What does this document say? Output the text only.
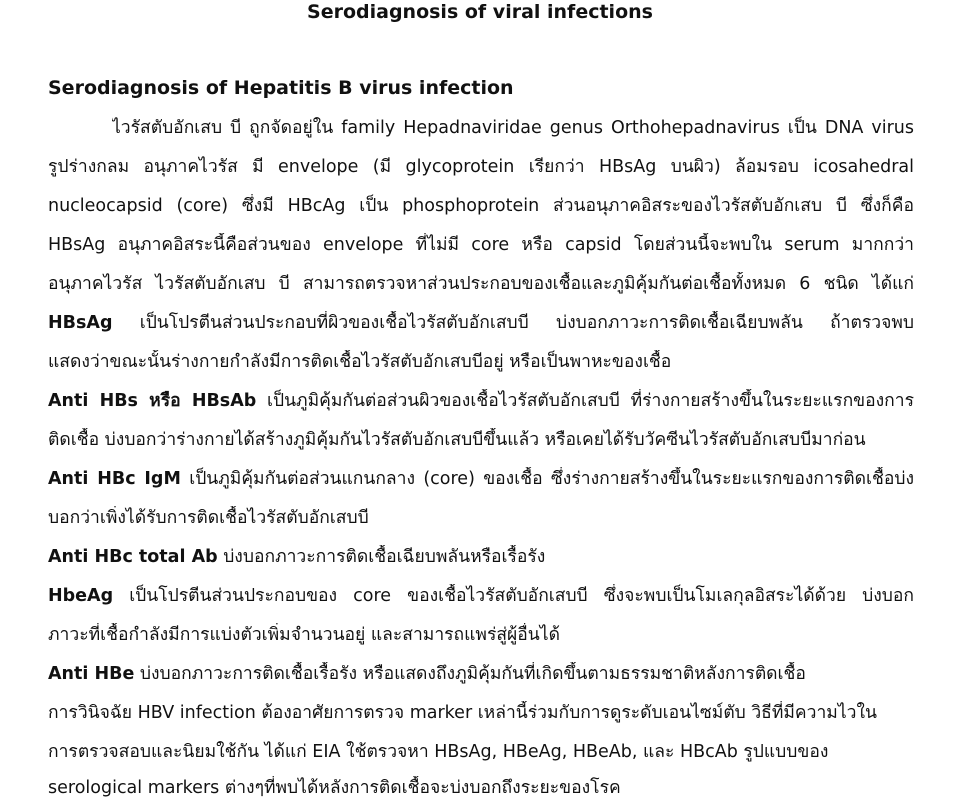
Serodiagnosis of viral infections
Serodiagnosis of Hepatitis B virus infection
ไวรัสตับอักเสบ บี ถูกจัดอยู่ใน family Hepadnaviridae genus Orthohepadnavirus เป็น DNA virus
รูปร่างกลม อนุภาคไวรัส มี envelope (มี glycoprotein เรียกว่า HBsAg บนผิว) ล้อมรอบ icosahedral
nucleocapsid (core) ซึ่งมี HBcAg เป็น phosphoprotein ส่วนอนุภาคอิสระของไวรัสตับอักเสบ บี ซึ่งก็คือ
HBsAg อนุภาคอิสระนี้คือส่วนของ envelope ที่ไม่มี core หรือ capsid โดยส่วนนี้จะพบใน serum มากกว่า
อนุภาคไวรัส ไวรัสตับอักเสบ บี สามารถตรวจหาส่วนประกอบของเชื้อและภูมิคุ้มกันต่อเชื้อทั้งหมด 6 ชนิด ได้แก่
HBsAg เป็นโปรตีนส่วนประกอบที่ผิวของเชื้อไวรัสตับอักเสบบี บ่งบอกภาวะการติดเชื้อเฉียบพลัน ถ้าตรวจพบ
แสดงว่าขณะนั้นร่างกายกำลังมีการติดเชื้อไวรัสตับอักเสบบีอยู่ หรือเป็นพาหะของเชื้อ
Anti HBs หรือ HBsAb เป็นภูมิคุ้มกันต่อส่วนผิวของเชื้อไวรัสตับอักเสบบี ที่ร่างกายสร้างขึ้นในระยะแรกของการ
ติดเชื้อ บ่งบอกว่าร่างกายได้สร้างภูมิคุ้มกันไวรัสตับอักเสบบีขึ้นแล้ว หรือเคยได้รับวัคซีนไวรัสตับอักเสบบีมาก่อน
Anti HBc IgM เป็นภูมิคุ้มกันต่อส่วนแกนกลาง (core) ของเชื้อ ซึ่งร่างกายสร้างขึ้นในระยะแรกของการติดเชื้อบ่ง
บอกว่าเพิ่งได้รับการติดเชื้อไวรัสตับอักเสบบี
Anti HBc total Ab บ่งบอกภาวะการติดเชื้อเฉียบพลันหรือเรื้อรัง
HbeAg เป็นโปรตีนส่วนประกอบของ core ของเชื้อไวรัสตับอักเสบบี ซึ่งจะพบเป็นโมเลกุลอิสระได้ด้วย บ่งบอก
ภาวะที่เชื้อกำลังมีการแบ่งตัวเพิ่มจำนวนอยู่ และสามารถแพร่สู่ผู้อื่นได้
Anti HBe บ่งบอกภาวะการติดเชื้อเรื้อรัง หรือแสดงถึงภูมิคุ้มกันที่เกิดขึ้นตามธรรมชาติหลังการติดเชื้อ
การวินิจฉัย HBV infection ต้องอาศัยการตรวจ marker เหล่านี้ร่วมกับการดูระดับเอนไซม์ตับ วิธีที่มีความไวใน
การตรวจสอบและนิยมใช้กัน ได้แก่ EIA ใช้ตรวจหา HBsAg, HBeAg, HBeAb, และ HBcAb รูปแบบของ
serological markers ต่างๆที่พบได้หลังการติดเชื้อจะบ่งบอกถึงระยะของโรค
